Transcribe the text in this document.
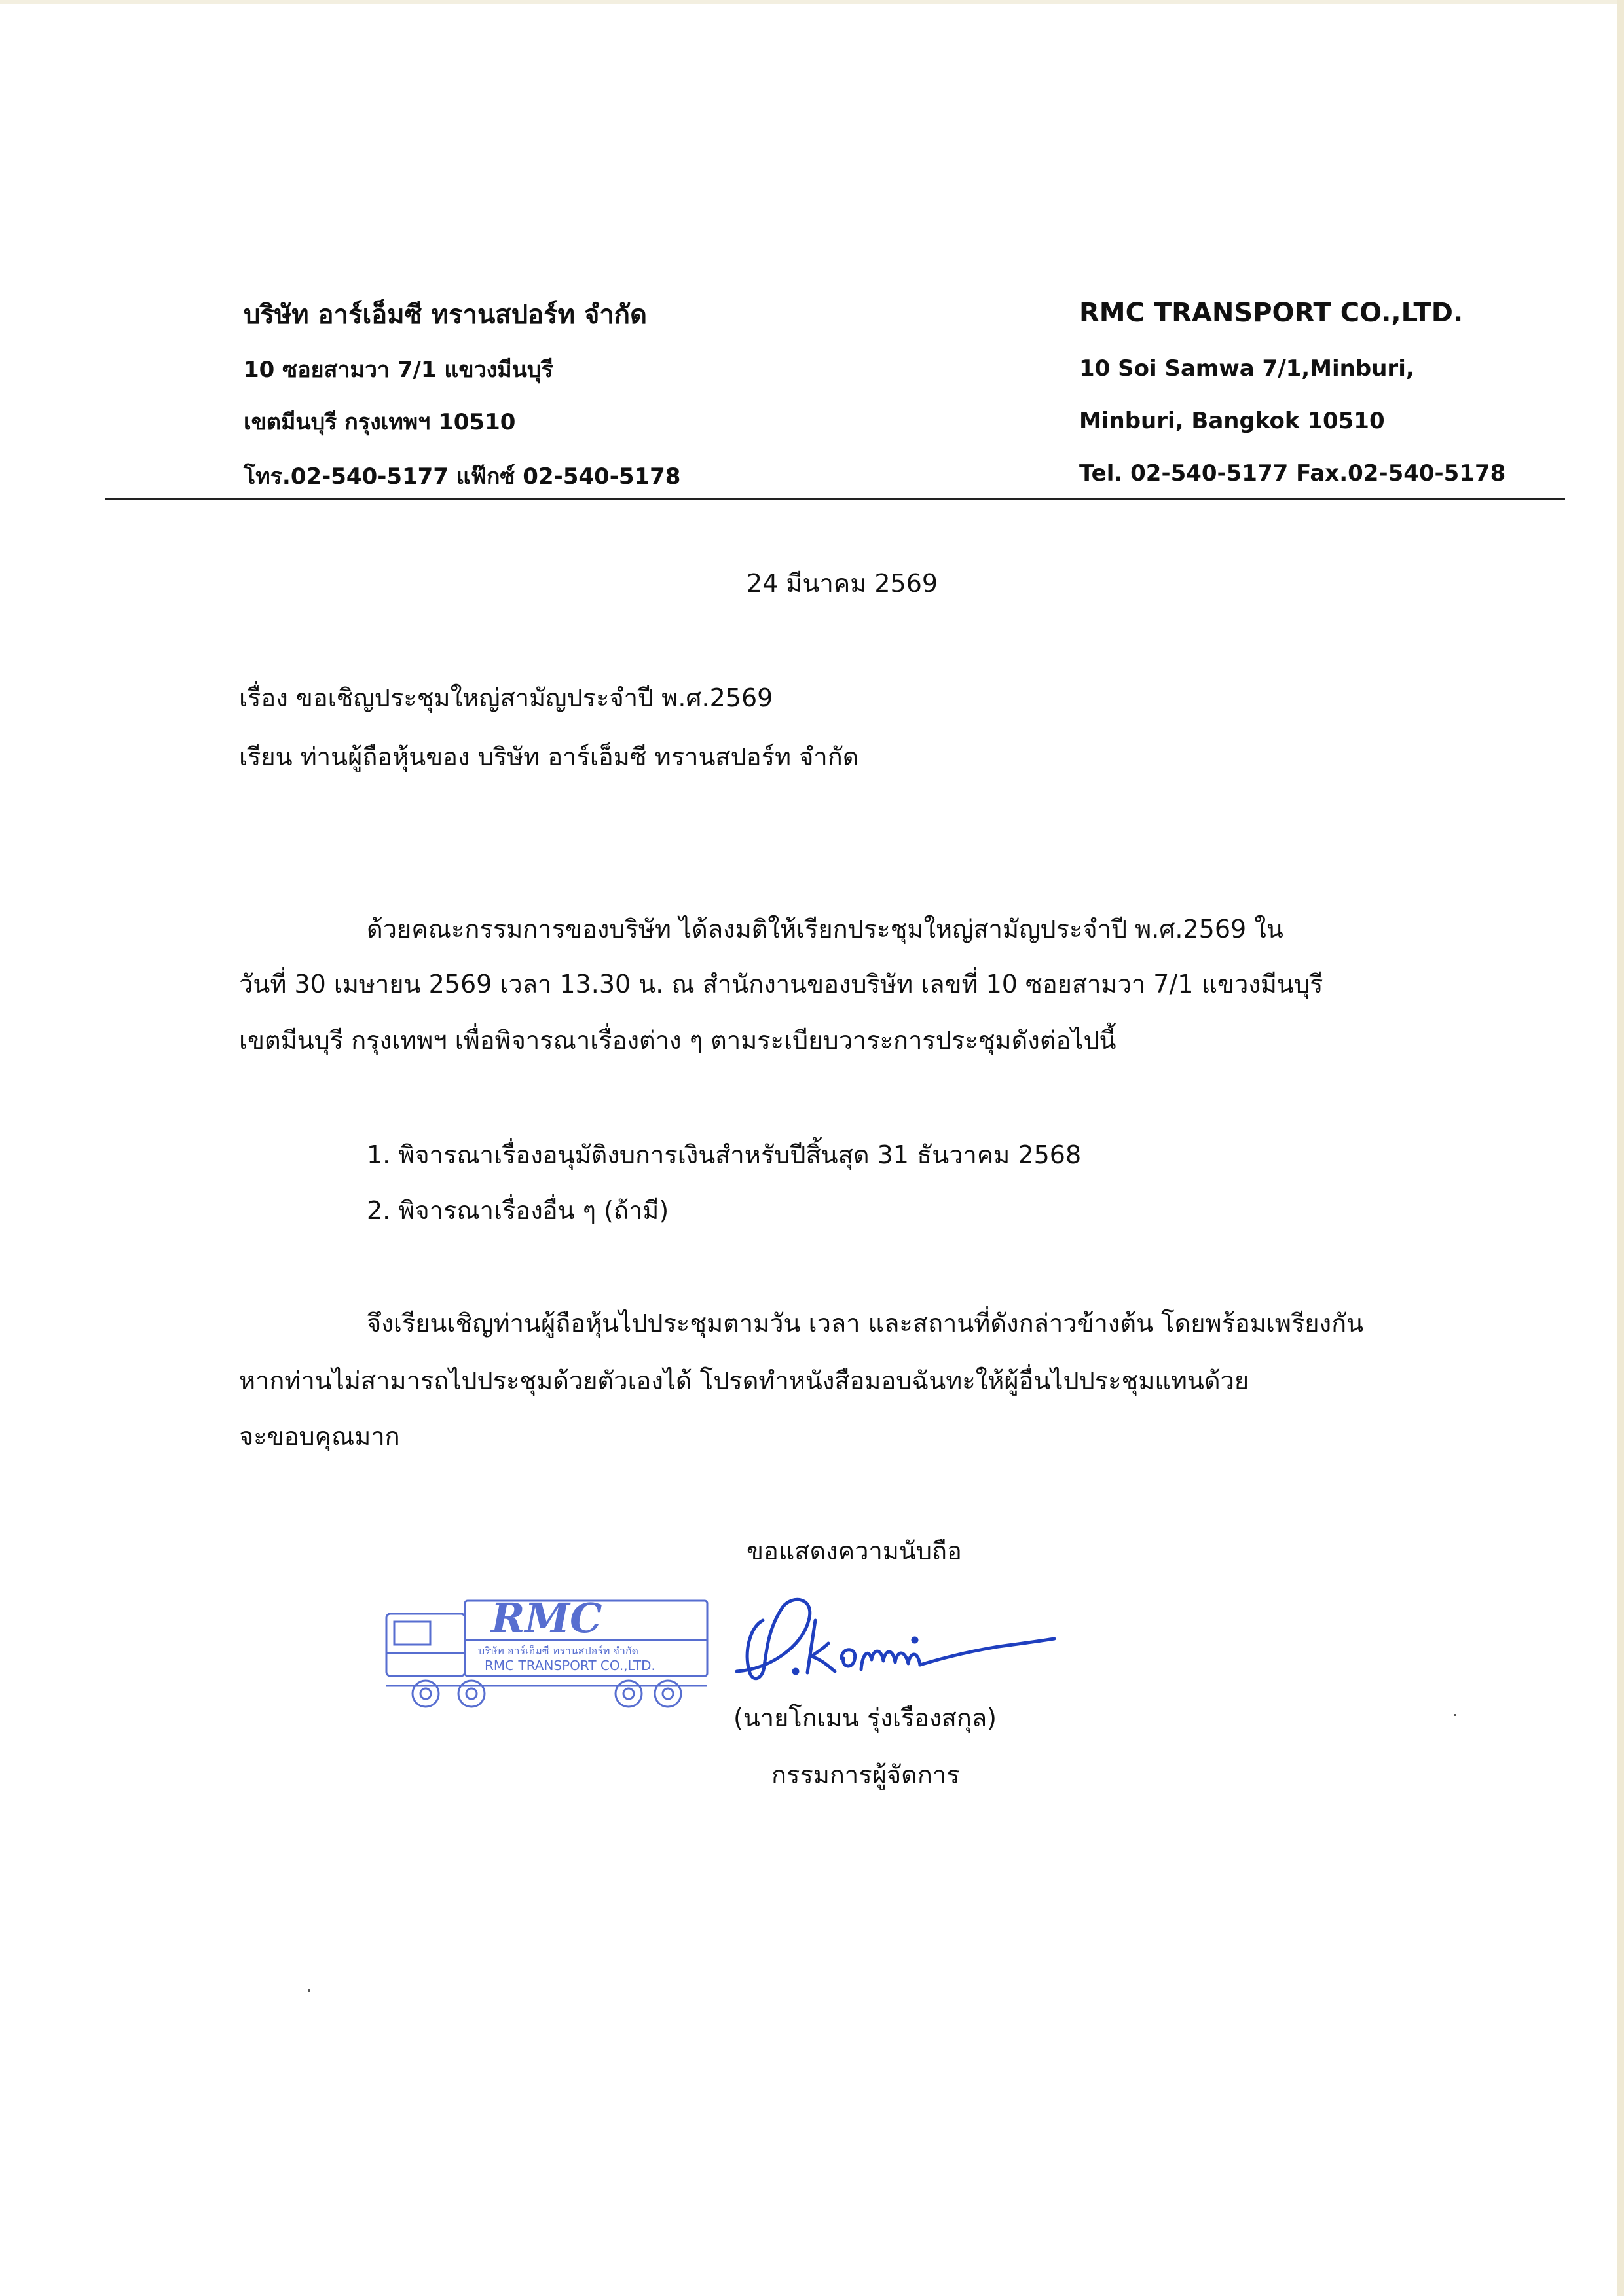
บริษัท อาร์เอ็มซี ทรานสปอร์ท จำกัด
10 ซอยสามวา 7/1 แขวงมีนบุรี
เขตมีนบุรี กรุงเทพฯ 10510
โทร.02-540-5177 แฟ๊กซ์ 02-540-5178
RMC TRANSPORT CO.,LTD.
10 Soi Samwa 7/1,Minburi,
Minburi, Bangkok 10510
Tel. 02-540-5177 Fax.02-540-5178
24 มีนาคม 2569
เรื่อง ขอเชิญประชุมใหญ่สามัญประจำปี พ.ศ.2569
เรียน ท่านผู้ถือหุ้นของ บริษัท อาร์เอ็มซี ทรานสปอร์ท จำกัด
ด้วยคณะกรรมการของบริษัท ได้ลงมติให้เรียกประชุมใหญ่สามัญประจำปี พ.ศ.2569 ใน
วันที่ 30 เมษายน 2569 เวลา 13.30 น. ณ สำนักงานของบริษัท เลขที่ 10 ซอยสามวา 7/1 แขวงมีนบุรี
เขตมีนบุรี กรุงเทพฯ เพื่อพิจารณาเรื่องต่าง ๆ ตามระเบียบวาระการประชุมดังต่อไปนี้
1. พิจารณาเรื่องอนุมัติงบการเงินสำหรับปีสิ้นสุด 31 ธันวาคม 2568
2. พิจารณาเรื่องอื่น ๆ (ถ้ามี)
จึงเรียนเชิญท่านผู้ถือหุ้นไปประชุมตามวัน เวลา และสถานที่ดังกล่าวข้างต้น โดยพร้อมเพรียงกัน
หากท่านไม่สามารถไปประชุมด้วยตัวเองได้ โปรดทำหนังสือมอบฉันทะให้ผู้อื่นไปประชุมแทนด้วย
จะขอบคุณมาก
ขอแสดงความนับถือ
RMC
บริษัท อาร์เอ็มซี ทรานสปอร์ท จำกัด
RMC TRANSPORT CO.,LTD.
(นายโกเมน รุ่งเรืองสกุล)
กรรมการผู้จัดการ
